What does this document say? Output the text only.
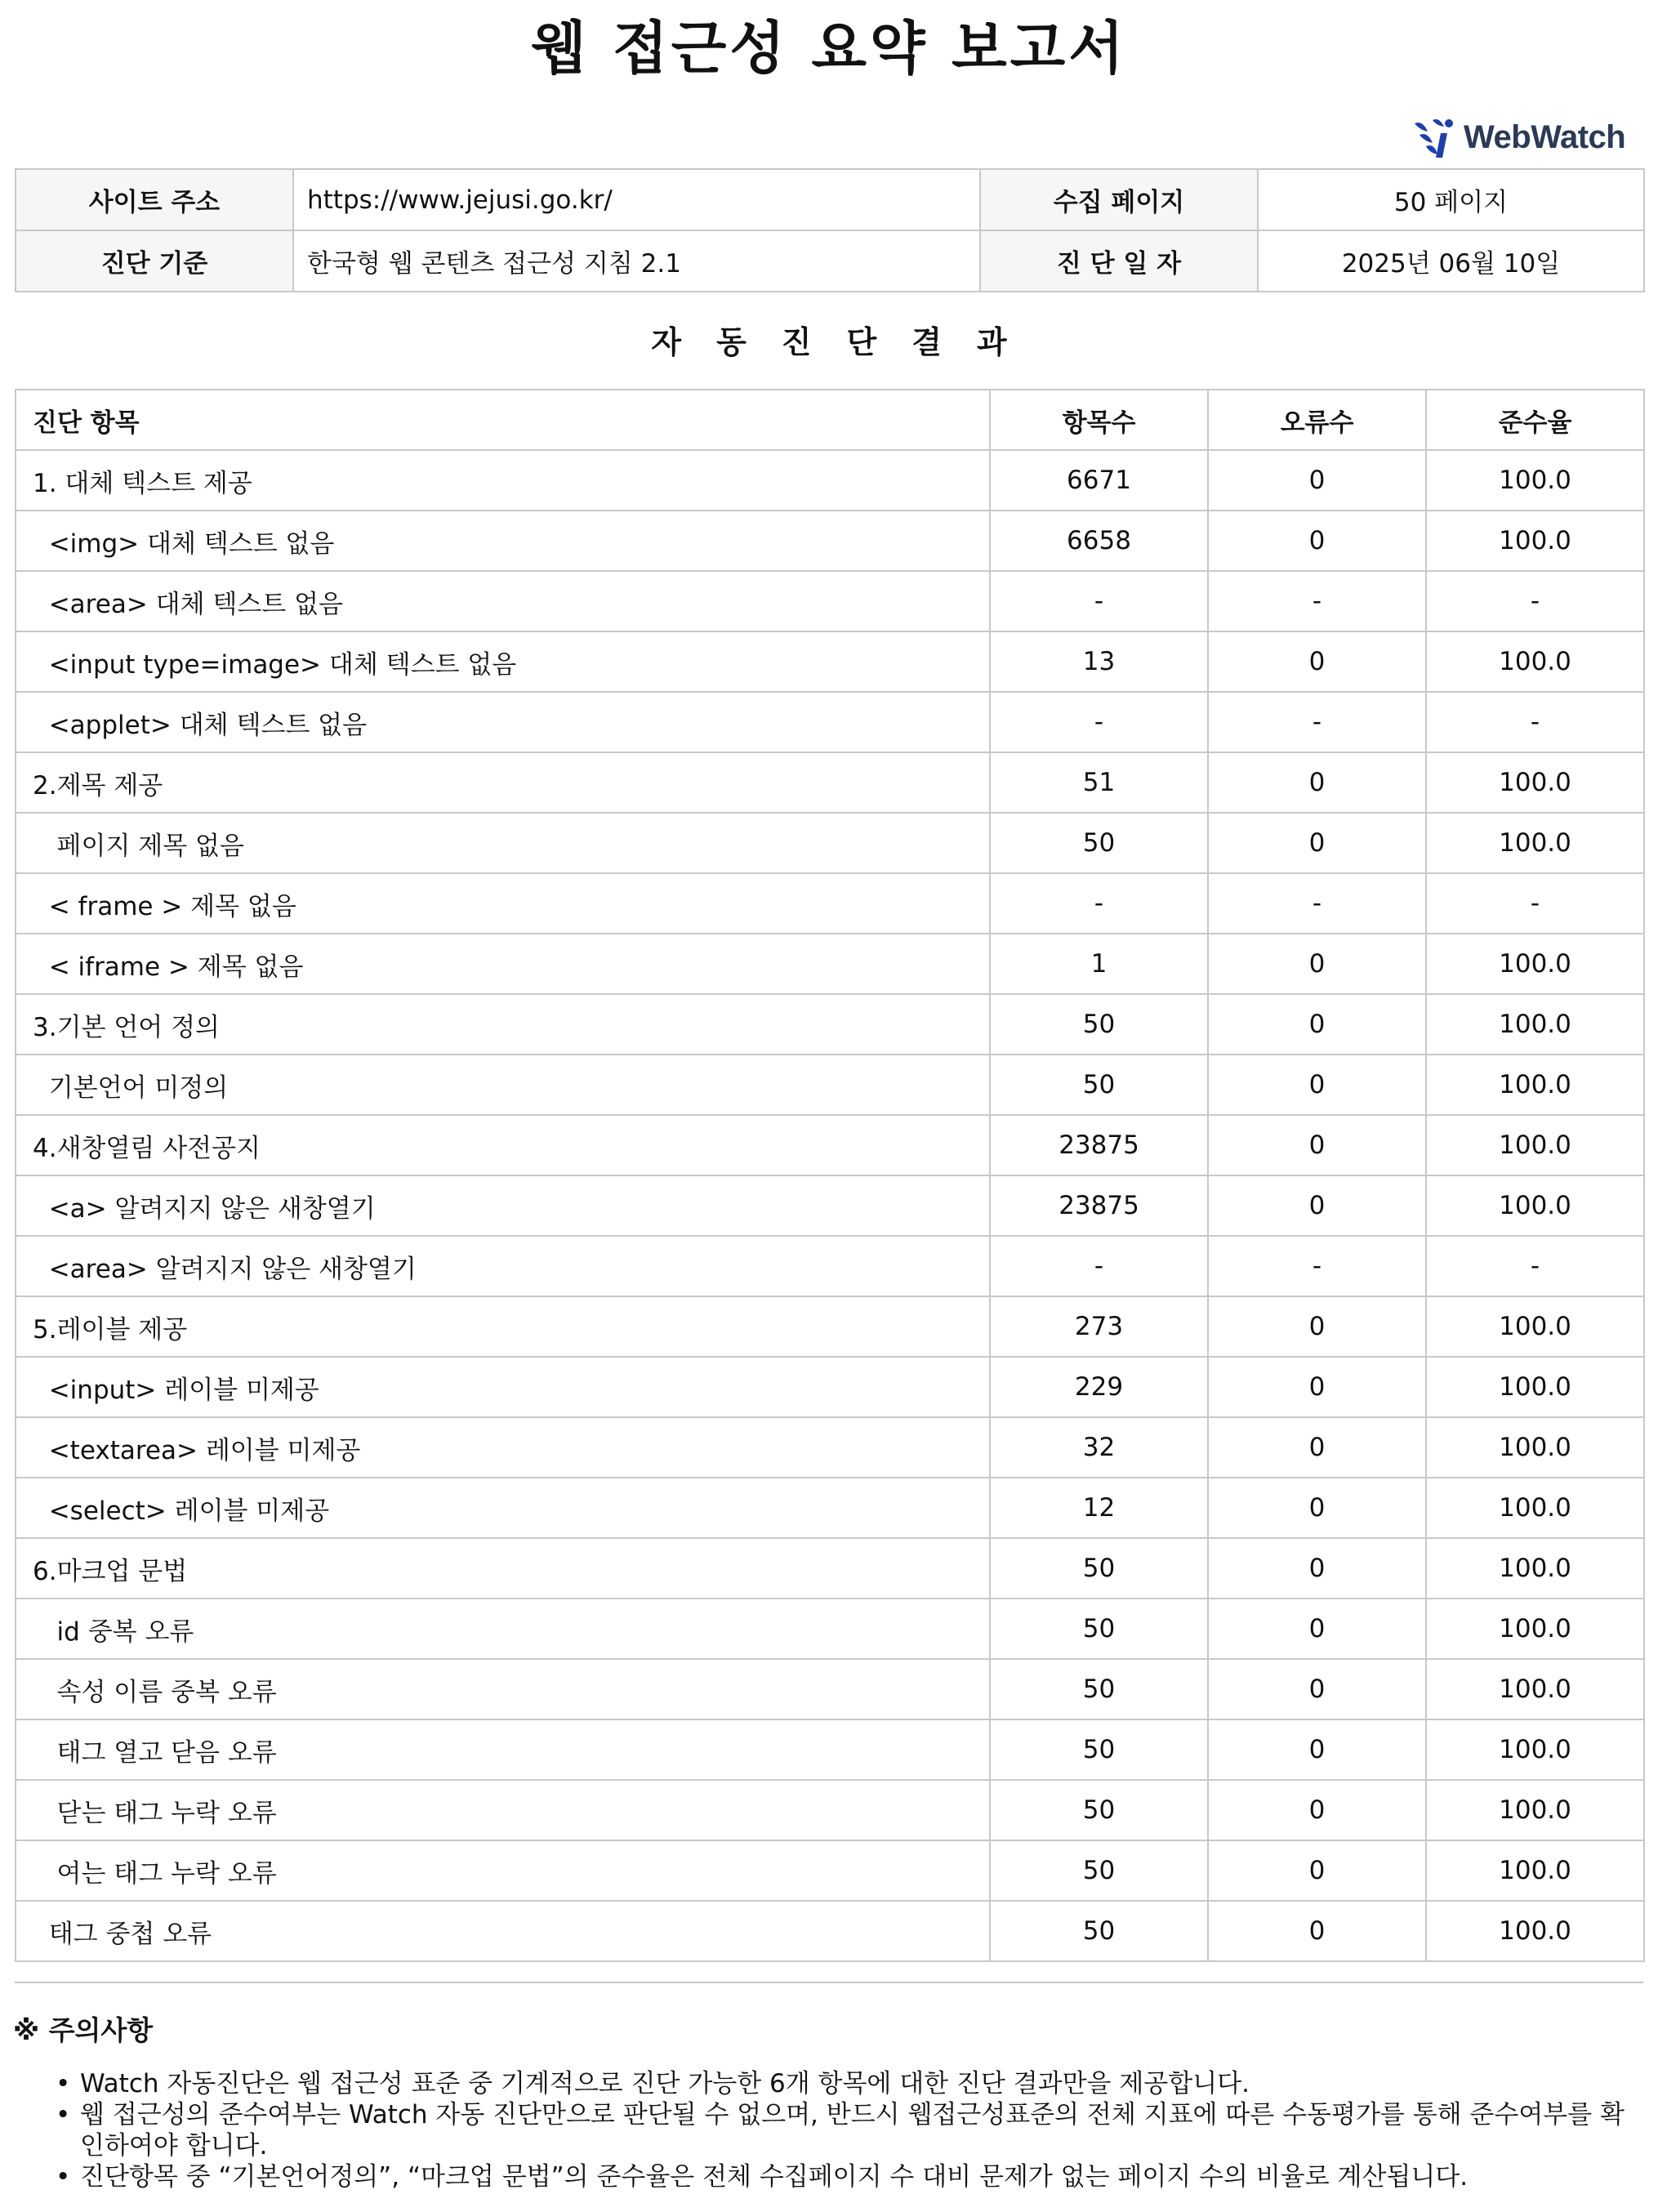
웹 접근성 요약 보고서
WebWatch
사이트 주소	https://www.jejusi.go.kr/	수집 페이지	50 페이지
진단 기준	한국형 웹 콘텐츠 접근성 지침 2.1	진 단 일 자	2025년 06월 10일
자동진단결과
진단 항목	항목수	오류수	준수율
1. 대체 텍스트 제공	6671	0	100.0
<img> 대체 텍스트 없음	6658	0	100.0
<area> 대체 텍스트 없음	-	-	-
<input type=image> 대체 텍스트 없음	13	0	100.0
<applet> 대체 텍스트 없음	-	-	-
2.제목 제공	51	0	100.0
페이지 제목 없음	50	0	100.0
< frame > 제목 없음	-	-	-
< iframe > 제목 없음	1	0	100.0
3.기본 언어 정의	50	0	100.0
기본언어 미정의	50	0	100.0
4.새창열림 사전공지	23875	0	100.0
<a> 알려지지 않은 새창열기	23875	0	100.0
<area> 알려지지 않은 새창열기	-	-	-
5.레이블 제공	273	0	100.0
<input> 레이블 미제공	229	0	100.0
<textarea> 레이블 미제공	32	0	100.0
<select> 레이블 미제공	12	0	100.0
6.마크업 문법	50	0	100.0
id 중복 오류	50	0	100.0
속성 이름 중복 오류	50	0	100.0
태그 열고 닫음 오류	50	0	100.0
닫는 태그 누락 오류	50	0	100.0
여는 태그 누락 오류	50	0	100.0
태그 중첩 오류	50	0	100.0
※ 주의사항
• Watch 자동진단은 웹 접근성 표준 중 기계적으로 진단 가능한 6개 항목에 대한 진단 결과만을 제공합니다.
• 웹 접근성의 준수여부는 Watch 자동 진단만으로 판단될 수 없으며, 반드시 웹접근성표준의 전체 지표에 따른 수동평가를 통해 준수여부를 확인하여야 합니다.
• 진단항목 중 “기본언어정의”, “마크업 문법”의 준수율은 전체 수집페이지 수 대비 문제가 없는 페이지 수의 비율로 계산됩니다.
